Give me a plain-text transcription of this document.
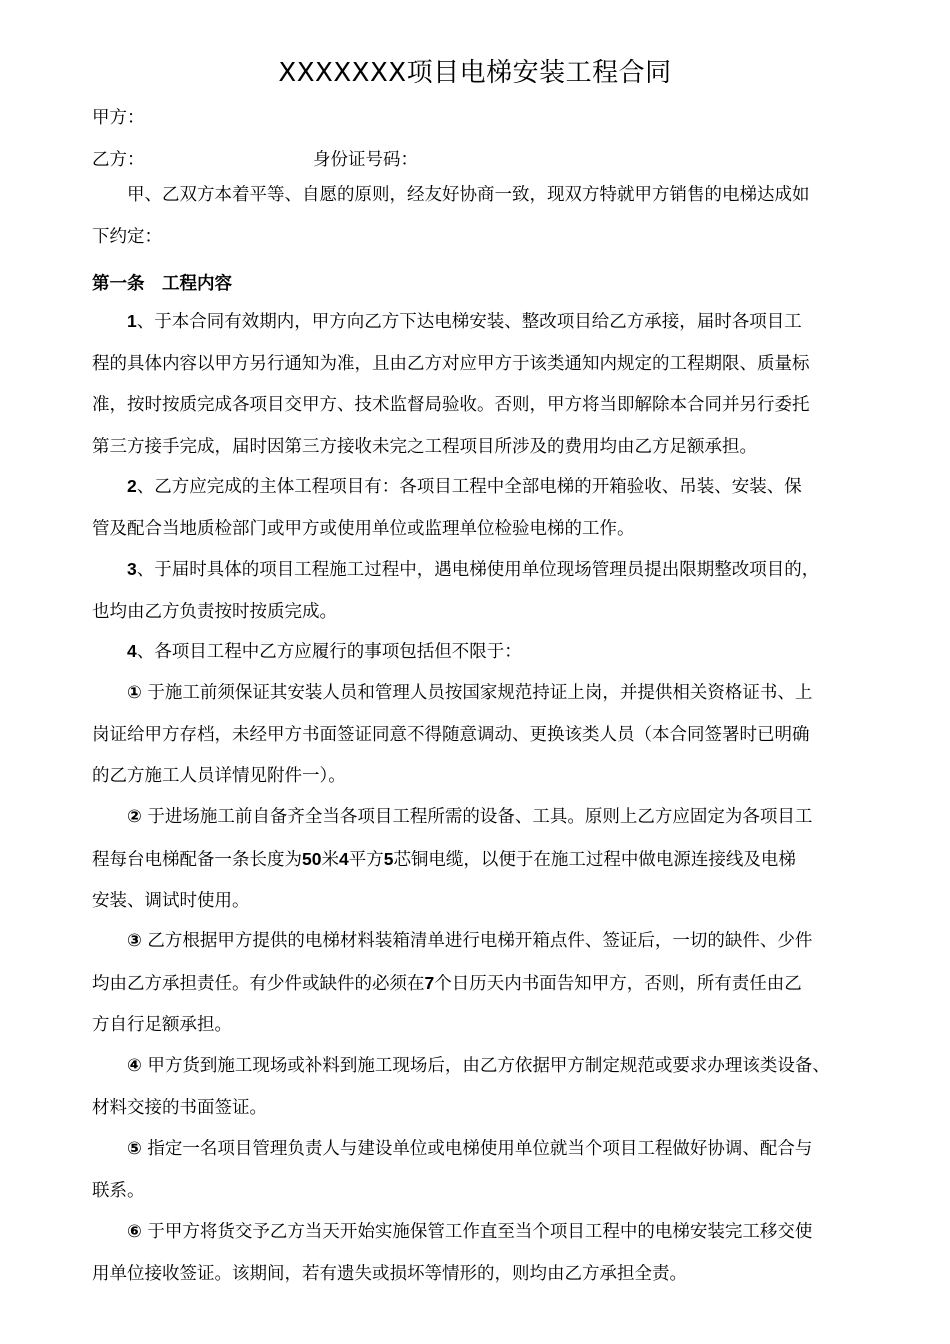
XXXXXXX项目电梯安装工程合同
甲方：
乙方：	身份证号码：
甲、乙双方本着平等、自愿的原则，经友好协商一致，现双方特就甲方销售的电梯达成如
下约定：
第一条　工程内容
1、于本合同有效期内，甲方向乙方下达电梯安装、整改项目给乙方承接，届时各项目工
程的具体内容以甲方另行通知为准，且由乙方对应甲方于该类通知内规定的工程期限、质量标
准，按时按质完成各项目交甲方、技术监督局验收。否则，甲方将当即解除本合同并另行委托
第三方接手完成，届时因第三方接收未完之工程项目所涉及的费用均由乙方足额承担。
2、乙方应完成的主体工程项目有：各项目工程中全部电梯的开箱验收、吊装、安装、保
管及配合当地质检部门或甲方或使用单位或监理单位检验电梯的工作。
3、于届时具体的项目工程施工过程中，遇电梯使用单位现场管理员提出限期整改项目的，
也均由乙方负责按时按质完成。
4、各项目工程中乙方应履行的事项包括但不限于：
① 于施工前须保证其安装人员和管理人员按国家规范持证上岗，并提供相关资格证书、上
岗证给甲方存档，未经甲方书面签证同意不得随意调动、更换该类人员（本合同签署时已明确
的乙方施工人员详情见附件一）。
② 于进场施工前自备齐全当各项目工程所需的设备、工具。原则上乙方应固定为各项目工
程每台电梯配备一条长度为50米4平方5芯铜电缆，以便于在施工过程中做电源连接线及电梯
安装、调试时使用。
③ 乙方根据甲方提供的电梯材料装箱清单进行电梯开箱点件、签证后，一切的缺件、少件
均由乙方承担责任。有少件或缺件的必须在7个日历天内书面告知甲方，否则，所有责任由乙
方自行足额承担。
④ 甲方货到施工现场或补料到施工现场后，由乙方依据甲方制定规范或要求办理该类设备、
材料交接的书面签证。
⑤ 指定一名项目管理负责人与建设单位或电梯使用单位就当个项目工程做好协调、配合与
联系。
⑥ 于甲方将货交予乙方当天开始实施保管工作直至当个项目工程中的电梯安装完工移交使
用单位接收签证。该期间，若有遗失或损坏等情形的，则均由乙方承担全责。
